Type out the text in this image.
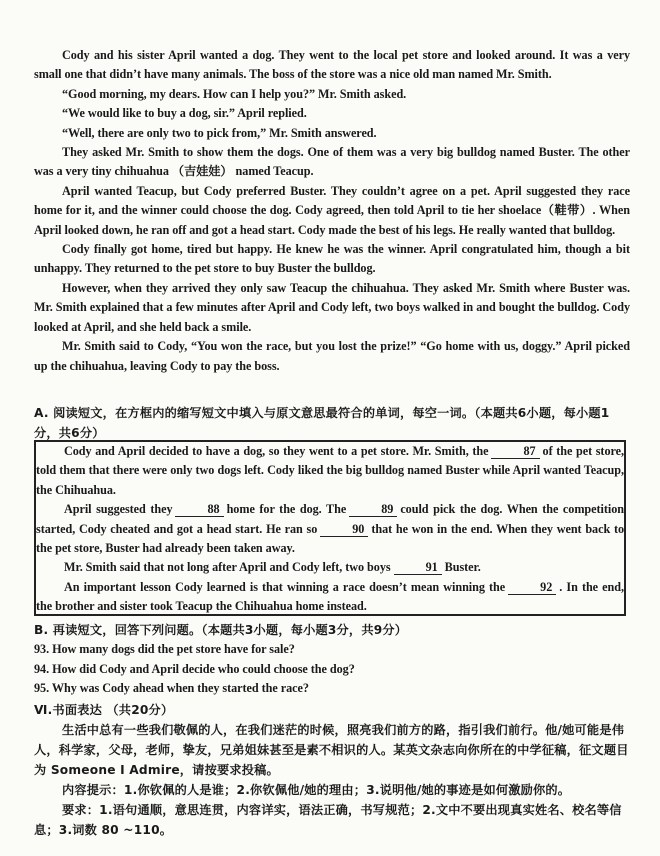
Cody and his sister April wanted a dog. They went to the local pet store and looked around. It was a very small one that didn’t have many animals. The boss of the store was a nice old man named Mr. Smith.

“Good morning, my dears. How can I help you?” Mr. Smith asked.

“We would like to buy a dog, sir.” April replied.

“Well, there are only two to pick from,” Mr. Smith answered.

They asked Mr. Smith to show them the dogs. One of them was a very big bulldog named Buster. The other was a very tiny chihuahua （吉娃娃） named Teacup.

April wanted Teacup, but Cody preferred Buster. They couldn’t agree on a pet. April suggested they race home for it, and the winner could choose the dog. Cody agreed, then told April to tie her shoelace（鞋带）. When April looked down, he ran off and got a head start. Cody made the best of his legs. He really wanted that bulldog.

Cody finally got home, tired but happy. He knew he was the winner. April congratulated him, though a bit unhappy. They returned to the pet store to buy Buster the bulldog.

However, when they arrived they only saw Teacup the chihuahua. They asked Mr. Smith where Buster was. Mr. Smith explained that a few minutes after April and Cody left, two boys walked in and bought the bulldog. Cody looked at April, and she held back a smile.

Mr. Smith said to Cody, “You won the race, but you lost the prize!” “Go home with us, doggy.” April picked up the chihuahua, leaving Cody to pay the boss.

A. 阅读短文，在方框内的缩写短文中填入与原文意思最符合的单词，每空一词。（本题共6小题，每小题1分，共6分）

Cody and April decided to have a dog, so they went to a pet store. Mr. Smith, the	87 of the pet store, told them that there were only two dogs left. Cody liked the big bulldog named Buster while April wanted Teacup, the Chihuahua.

April suggested they	88 home for the dog. The	89 could pick the dog. When the competition started, Cody cheated and got a head start. He ran so	90 that he won in the end. When they went back to the pet store, Buster had already been taken away.

Mr. Smith said that not long after April and Cody left, two boys	91 Buster.

An important lesson Cody learned is that winning a race doesn’t mean winning the	92 . In the end, the brother and sister took Teacup the Chihuahua home instead.

B. 再读短文，回答下列问题。（本题共3小题，每小题3分，共9分）

93. How many dogs did the pet store have for sale?

94. How did Cody and April decide who could choose the dog?

95. Why was Cody ahead when they started the race?

Ⅵ.书面表达 （共20分）

生活中总有一些我们敬佩的人，在我们迷茫的时候，照亮我们前方的路，指引我们前行。他/她可能是伟人，科学家，父母，老师，挚友，兄弟姐妹甚至是素不相识的人。某英文杂志向你所在的中学征稿，征文题目为 Someone I Admire，请按要求投稿。

内容提示：1.你钦佩的人是谁；2.你钦佩他/她的理由；3.说明他/她的事迹是如何激励你的。

要求：1.语句通顺，意思连贯，内容详实，语法正确，书写规范；2.文中不要出现真实姓名、校名等信息；3.词数 80 ~110。
